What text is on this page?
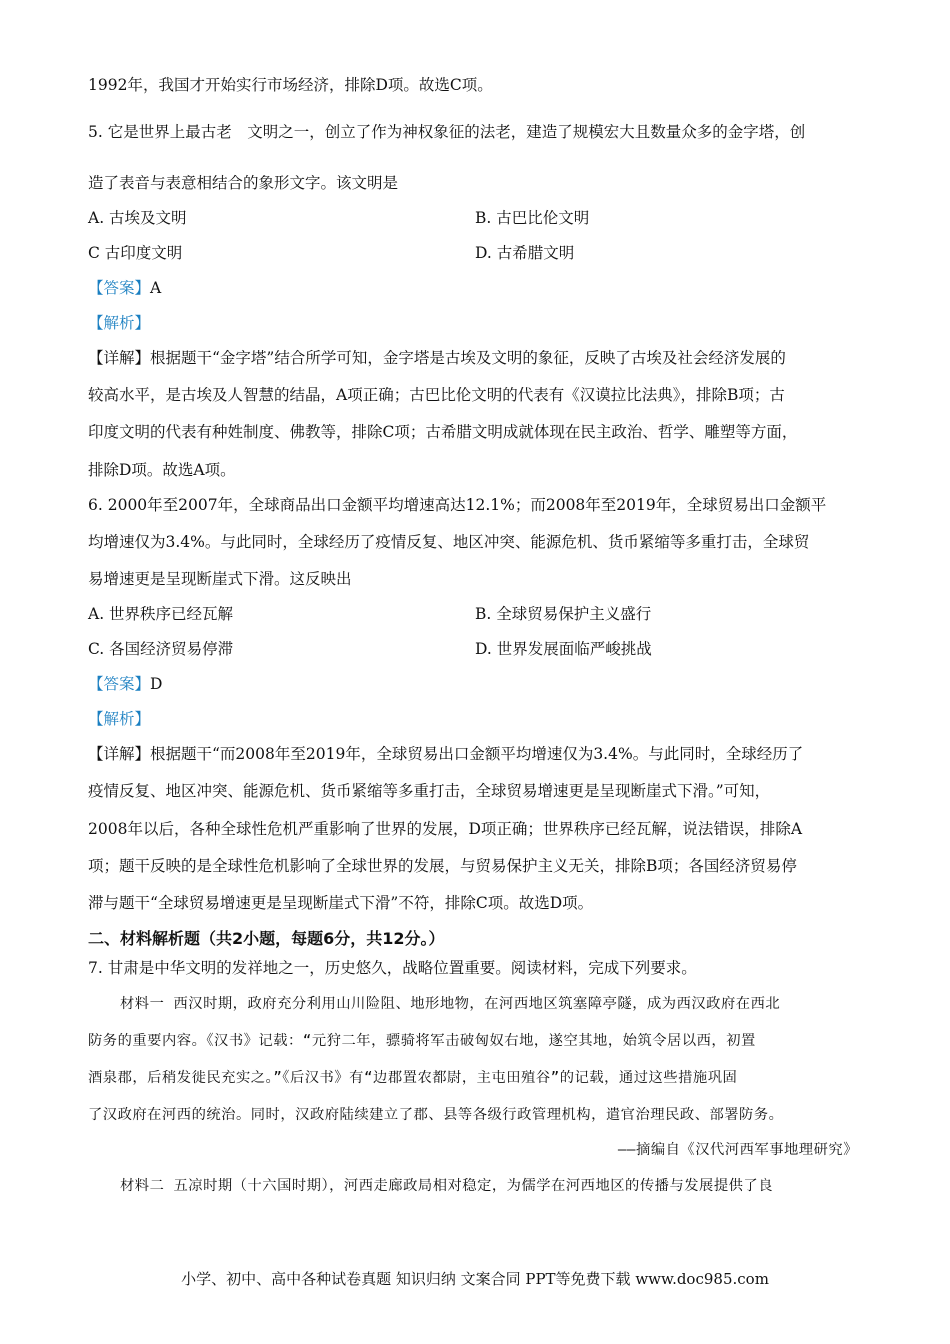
1992年，我国才开始实行市场经济，排除D项。故选C项。
5. 它是世界上最古老　文明之一，创立了作为神权象征的法老，建造了规模宏大且数量众多的金字塔，创
造了表音与表意相结合的象形文字。该文明是
A. 古埃及文明	B. 古巴比伦文明
C 古印度文明	D. 古希腊文明
【答案】A
【解析】
【详解】根据题干“金字塔”结合所学可知，金字塔是古埃及文明的象征，反映了古埃及社会经济发展的
较高水平，是古埃及人智慧的结晶，A项正确；古巴比伦文明的代表有《汉谟拉比法典》，排除B项；古
印度文明的代表有种姓制度、佛教等，排除C项；古希腊文明成就体现在民主政治、哲学、雕塑等方面，
排除D项。故选A项。
6. 2000年至2007年，全球商品出口金额平均增速高达12.1%；而2008年至2019年，全球贸易出口金额平
均增速仅为3.4%。与此同时，全球经历了疫情反复、地区冲突、能源危机、货币紧缩等多重打击，全球贸
易增速更是呈现断崖式下滑。这反映出
A. 世界秩序已经瓦解	B. 全球贸易保护主义盛行
C. 各国经济贸易停滞	D. 世界发展面临严峻挑战
【答案】D
【解析】
【详解】根据题干“而2008年至2019年，全球贸易出口金额平均增速仅为3.4%。与此同时，全球经历了
疫情反复、地区冲突、能源危机、货币紧缩等多重打击，全球贸易增速更是呈现断崖式下滑。”可知，
2008年以后，各种全球性危机严重影响了世界的发展，D项正确；世界秩序已经瓦解，说法错误，排除A
项；题干反映的是全球性危机影响了全球世界的发展，与贸易保护主义无关，排除B项；各国经济贸易停
滞与题干“全球贸易增速更是呈现断崖式下滑”不符，排除C项。故选D项。
二、材料解析题（共2小题，每题6分，共12分。）
7. 甘肃是中华文明的发祥地之一，历史悠久，战略位置重要。阅读材料，完成下列要求。
材料一 西汉时期，政府充分利用山川险阻、地形地物，在河西地区筑塞障亭隧，成为西汉政府在西北
防务的重要内容。《汉书》记载：“元狩二年，骠骑将军击破匈奴右地，遂空其地，始筑令居以西，初置
酒泉郡，后稍发徙民充实之。”《后汉书》有“边郡置农都尉，主屯田殖谷”的记载，通过这些措施巩固
了汉政府在河西的统治。同时，汉政府陆续建立了郡、县等各级行政管理机构，遣官治理民政、部署防务。
——摘编自《汉代河西军事地理研究》
材料二 五凉时期（十六国时期），河西走廊政局相对稳定，为儒学在河西地区的传播与发展提供了良
小学、初中、高中各种试卷真题 知识归纳 文案合同 PPT等免费下载 www.doc985.com
